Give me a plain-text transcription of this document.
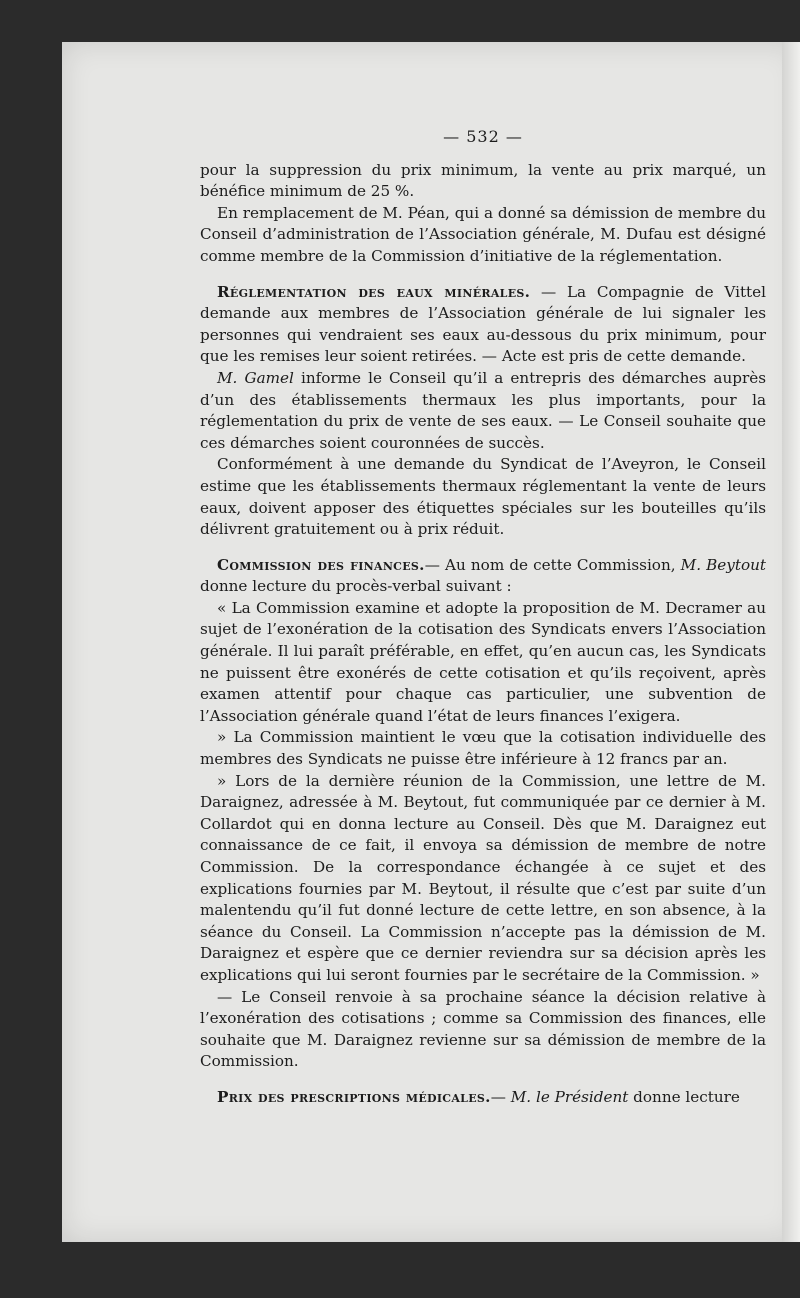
— 532 —

pour la suppression du prix minimum, la vente au prix marqué, un bénéfice minimum de 25 %.

En remplacement de M. Péan, qui a donné sa démission de membre du Conseil d’administration de l’Association générale, M. Dufau est désigné comme membre de la Commission d’initiative de la réglementation.

Réglementation des eaux minérales. — La Compagnie de Vittel demande aux membres de l’Association générale de lui signaler les personnes qui vendraient ses eaux au-dessous du prix minimum, pour que les remises leur soient retirées. — Acte est pris de cette demande.

M. Gamel informe le Conseil qu’il a entrepris des démarches auprès d’un des établissements thermaux les plus importants, pour la réglementation du prix de vente de ses eaux. — Le Conseil souhaite que ces démarches soient couronnées de succès.

Conformément à une demande du Syndicat de l’Aveyron, le Conseil estime que les établissements thermaux réglementant la vente de leurs eaux, doivent apposer des étiquettes spéciales sur les bouteilles qu’ils délivrent gratuitement ou à prix réduit.

Commission des finances.— Au nom de cette Commission, M. Beytout donne lecture du procès-verbal suivant :

« La Commission examine et adopte la proposition de M. Decramer au sujet de l’exonération de la cotisation des Syndicats envers l’Association générale. Il lui paraît préférable, en effet, qu’en aucun cas, les Syndicats ne puissent être exonérés de cette cotisation et qu’ils reçoivent, après examen attentif pour chaque cas particulier, une subvention de l’Association générale quand l’état de leurs finances l’exigera.

» La Commission maintient le vœu que la cotisation individuelle des membres des Syndicats ne puisse être inférieure à 12 francs par an.

» Lors de la dernière réunion de la Commission, une lettre de M. Daraignez, adressée à M. Beytout, fut communiquée par ce dernier à M. Collardot qui en donna lecture au Conseil. Dès que M. Daraignez eut connaissance de ce fait, il envoya sa démission de membre de notre Commission. De la correspondance échangée à ce sujet et des explications fournies par M. Beytout, il résulte que c’est par suite d’un malentendu qu’il fut donné lecture de cette lettre, en son absence, à la séance du Conseil. La Commission n’accepte pas la démission de M. Daraignez et espère que ce dernier reviendra sur sa décision après les explications qui lui seront fournies par le secrétaire de la Commission. »

— Le Conseil renvoie à sa prochaine séance la décision relative à l’exonération des cotisations ; comme sa Commission des finances, elle souhaite que M. Daraignez revienne sur sa démission de membre de la Commission.

Prix des prescriptions médicales.— M. le Président donne lecture
